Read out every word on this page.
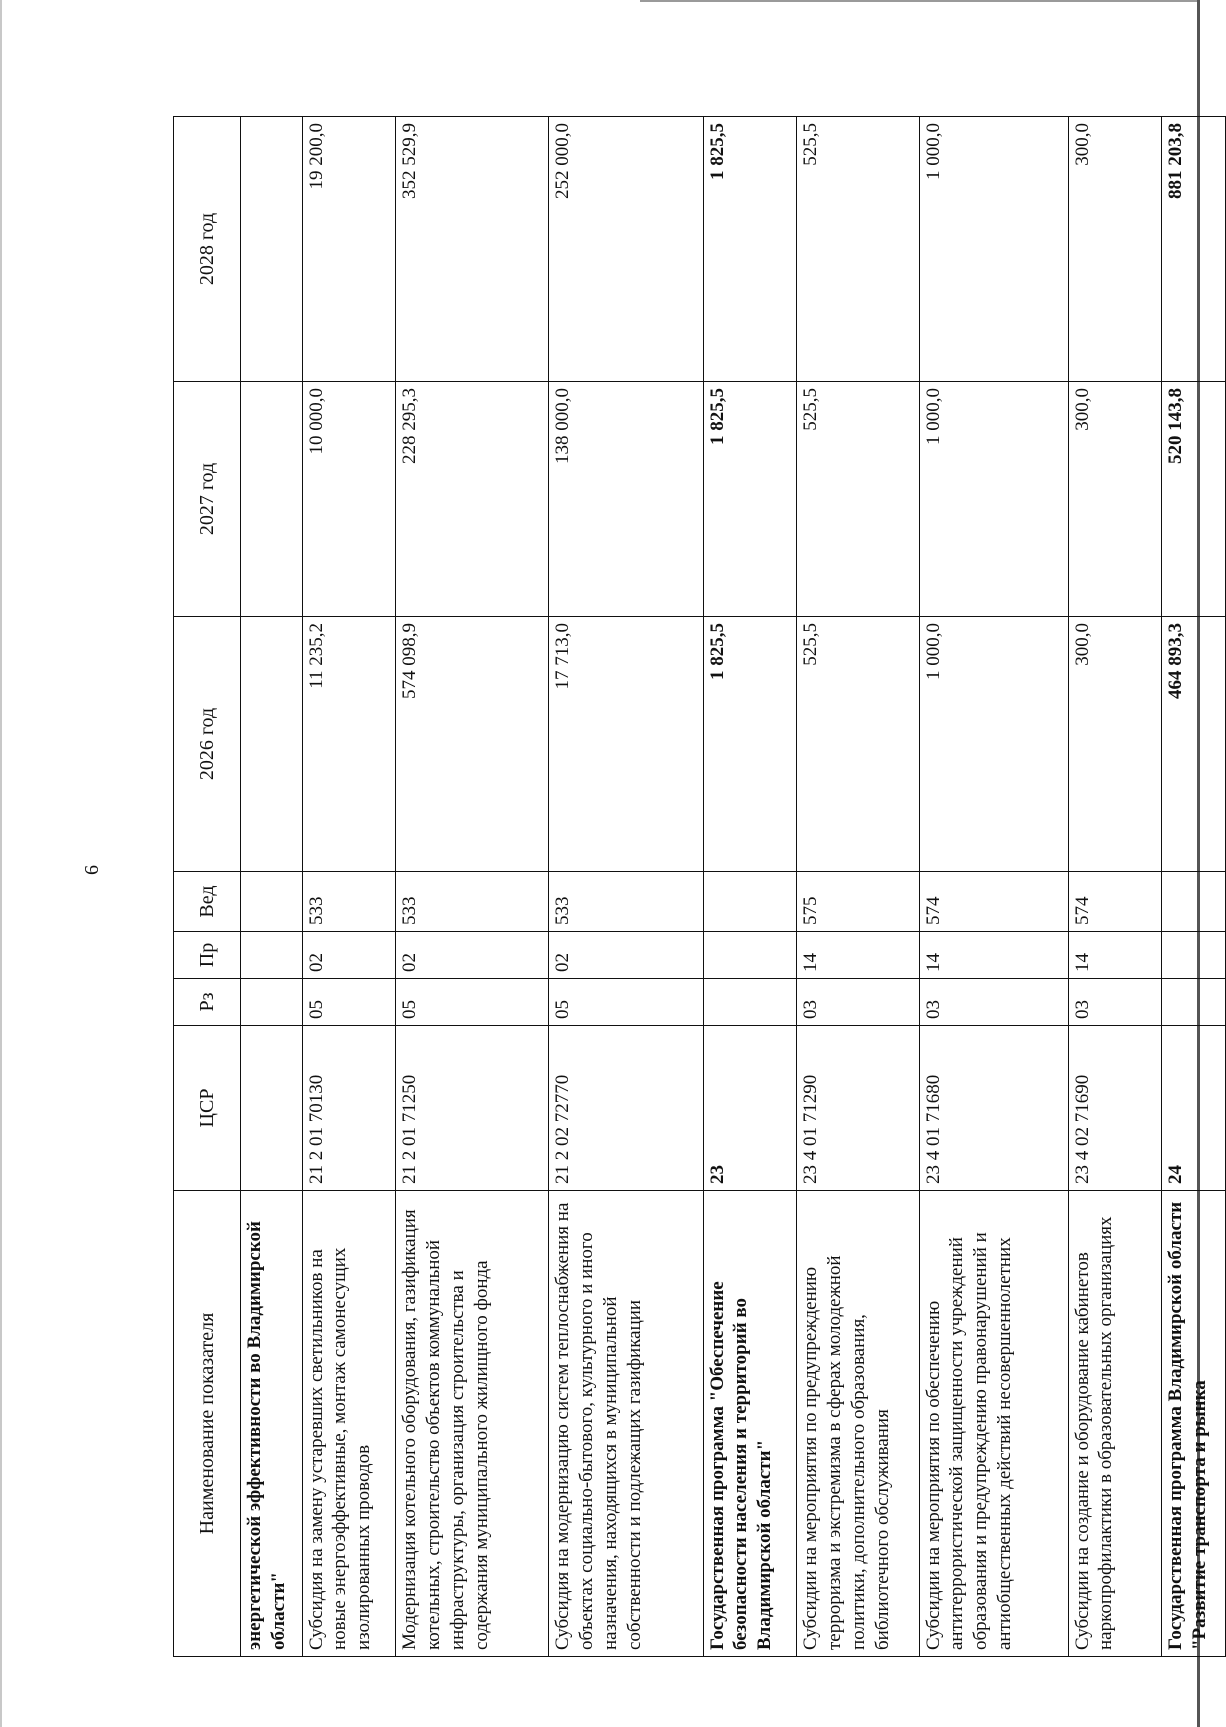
6
Наименование показателя	ЦСР	Рз	Пр	Вед	2026 год	2027 год	2028 год
энергетической эффективности во Владимирской области"							
Субсидия на замену устаревших светильников на новые энергоэффективные, монтаж самонесущих изолированных проводов	21 2 01 70130	05	02	533	11 235,2	10 000,0	19 200,0
Модернизация котельного оборудования, газификация котельных, строительство объектов коммунальной инфраструктуры, организация строительства и содержания муниципального жилищного фонда	21 2 01 71250	05	02	533	574 098,9	228 295,3	352 529,9
Субсидия на модернизацию систем теплоснабжения на объектах социально-бытового, культурного и иного назначения, находящихся в муниципальной собственности и подлежащих газификации	21 2 02 72770	05	02	533	17 713,0	138 000,0	252 000,0
Государственная программа "Обеспечение безопасности населения и территорий во Владимирской области"	23				1 825,5	1 825,5	1 825,5
Субсидии на мероприятия по предупреждению терроризма и экстремизма в сферах молодежной политики, дополнительного образования, библиотечного обслуживания	23 4 01 71290	03	14	575	525,5	525,5	525,5
Субсидии на мероприятия по обеспечению антитеррористической защищенности учреждений образования и предупреждению правонарушений и антиобщественных действий несовершеннолетних	23 4 01 71680	03	14	574	1 000,0	1 000,0	1 000,0
Субсидии на создание и оборудование кабинетов наркопрофилактики в образовательных организациях	23 4 02 71690	03	14	574	300,0	300,0	300,0
Государственная программа Владимирской области "Развитие транспорта и рынка	24				464 893,3	520 143,8	881 203,8
